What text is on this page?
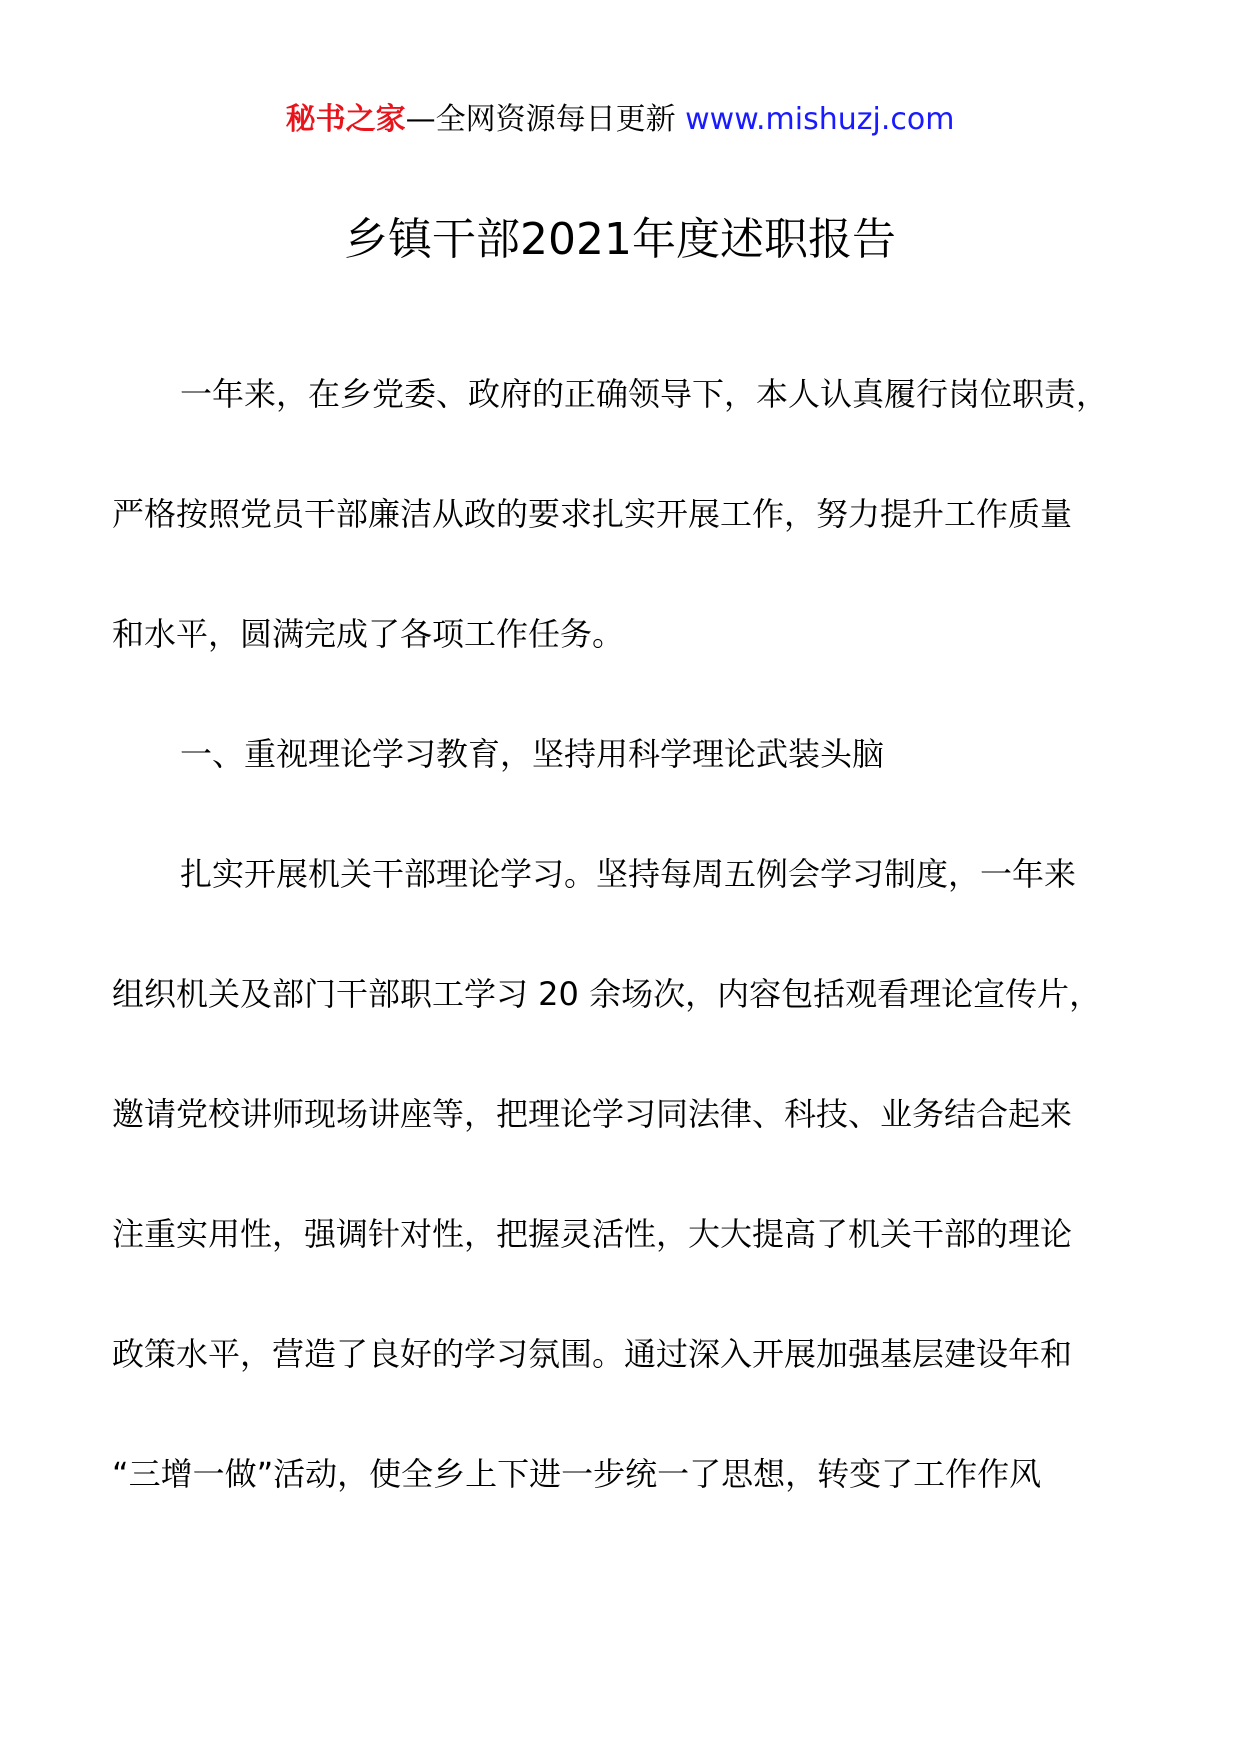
秘书之家—全网资源每日更新 www.mishuzj.com
乡镇干部2021年度述职报告
一年来，在乡党委、政府的正确领导下，本人认真履行岗位职责，
严格按照党员干部廉洁从政的要求扎实开展工作，努力提升工作质量
和水平，圆满完成了各项工作任务。
一、重视理论学习教育，坚持用科学理论武装头脑
扎实开展机关干部理论学习。坚持每周五例会学习制度，一年来
组织机关及部门干部职工学习 20 余场次，内容包括观看理论宣传片，
邀请党校讲师现场讲座等，把理论学习同法律、科技、业务结合起来
注重实用性，强调针对性，把握灵活性，大大提高了机关干部的理论
政策水平，营造了良好的学习氛围。通过深入开展加强基层建设年和
“三增一做”活动，使全乡上下进一步统一了思想，转变了工作作风
